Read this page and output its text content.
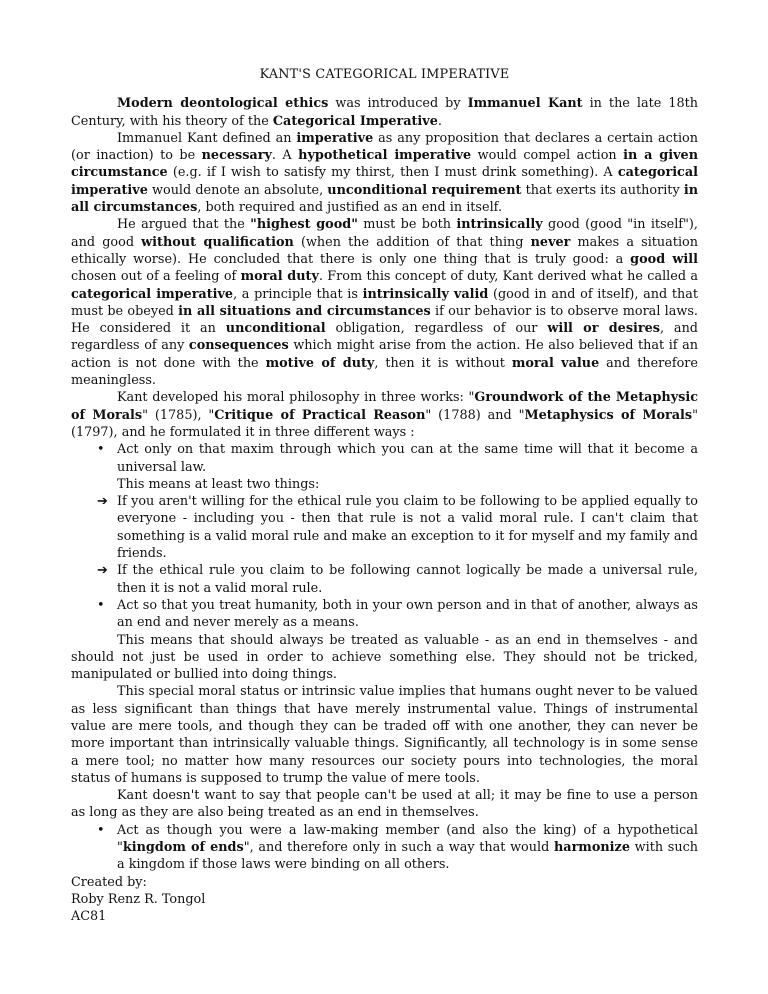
KANT'S CATEGORICAL IMPERATIVE

Modern deontological ethics was introduced by Immanuel Kant in the late 18th Century, with his theory of the Categorical Imperative.

Immanuel Kant defined an imperative as any proposition that declares a certain action (or inaction) to be necessary. A hypothetical imperative would compel action in a given circumstance (e.g. if I wish to satisfy my thirst, then I must drink something). A categorical imperative would denote an absolute, unconditional requirement that exerts its authority in all circumstances, both required and justified as an end in itself.

He argued that the "highest good" must be both intrinsically good (good "in itself"), and good without qualification (when the addition of that thing never makes a situation ethically worse). He concluded that there is only one thing that is truly good: a good will chosen out of a feeling of moral duty. From this concept of duty, Kant derived what he called a categorical imperative, a principle that is intrinsically valid (good in and of itself), and that must be obeyed in all situations and circumstances if our behavior is to observe moral laws. He considered it an unconditional obligation, regardless of our will or desires, and regardless of any consequences which might arise from the action. He also believed that if an action is not done with the motive of duty, then it is without moral value and therefore meaningless.

Kant developed his moral philosophy in three works: "Groundwork of the Metaphysic of Morals" (1785), "Critique of Practical Reason" (1788) and "Metaphysics of Morals" (1797), and he formulated it in three different ways :

• Act only on that maxim through which you can at the same time will that it become a universal law.

This means at least two things:

➔ If you aren't willing for the ethical rule you claim to be following to be applied equally to everyone - including you - then that rule is not a valid moral rule. I can't claim that something is a valid moral rule and make an exception to it for myself and my family and friends.
➔ If the ethical rule you claim to be following cannot logically be made a universal rule, then it is not a valid moral rule.
• Act so that you treat humanity, both in your own person and in that of another, always as an end and never merely as a means.

This means that should always be treated as valuable - as an end in themselves - and should not just be used in order to achieve something else. They should not be tricked, manipulated or bullied into doing things.

This special moral status or intrinsic value implies that humans ought never to be valued as less significant than things that have merely instrumental value. Things of instrumental value are mere tools, and though they can be traded off with one another, they can never be more important than intrinsically valuable things. Significantly, all technology is in some sense a mere tool; no matter how many resources our society pours into technologies, the moral status of humans is supposed to trump the value of mere tools.

Kant doesn't want to say that people can't be used at all; it may be fine to use a person as long as they are also being treated as an end in themselves.

• Act as though you were a law-making member (and also the king) of a hypothetical "kingdom of ends", and therefore only in such a way that would harmonize with such a kingdom if those laws were binding on all others.

Created by:

Roby Renz R. Tongol

AC81
